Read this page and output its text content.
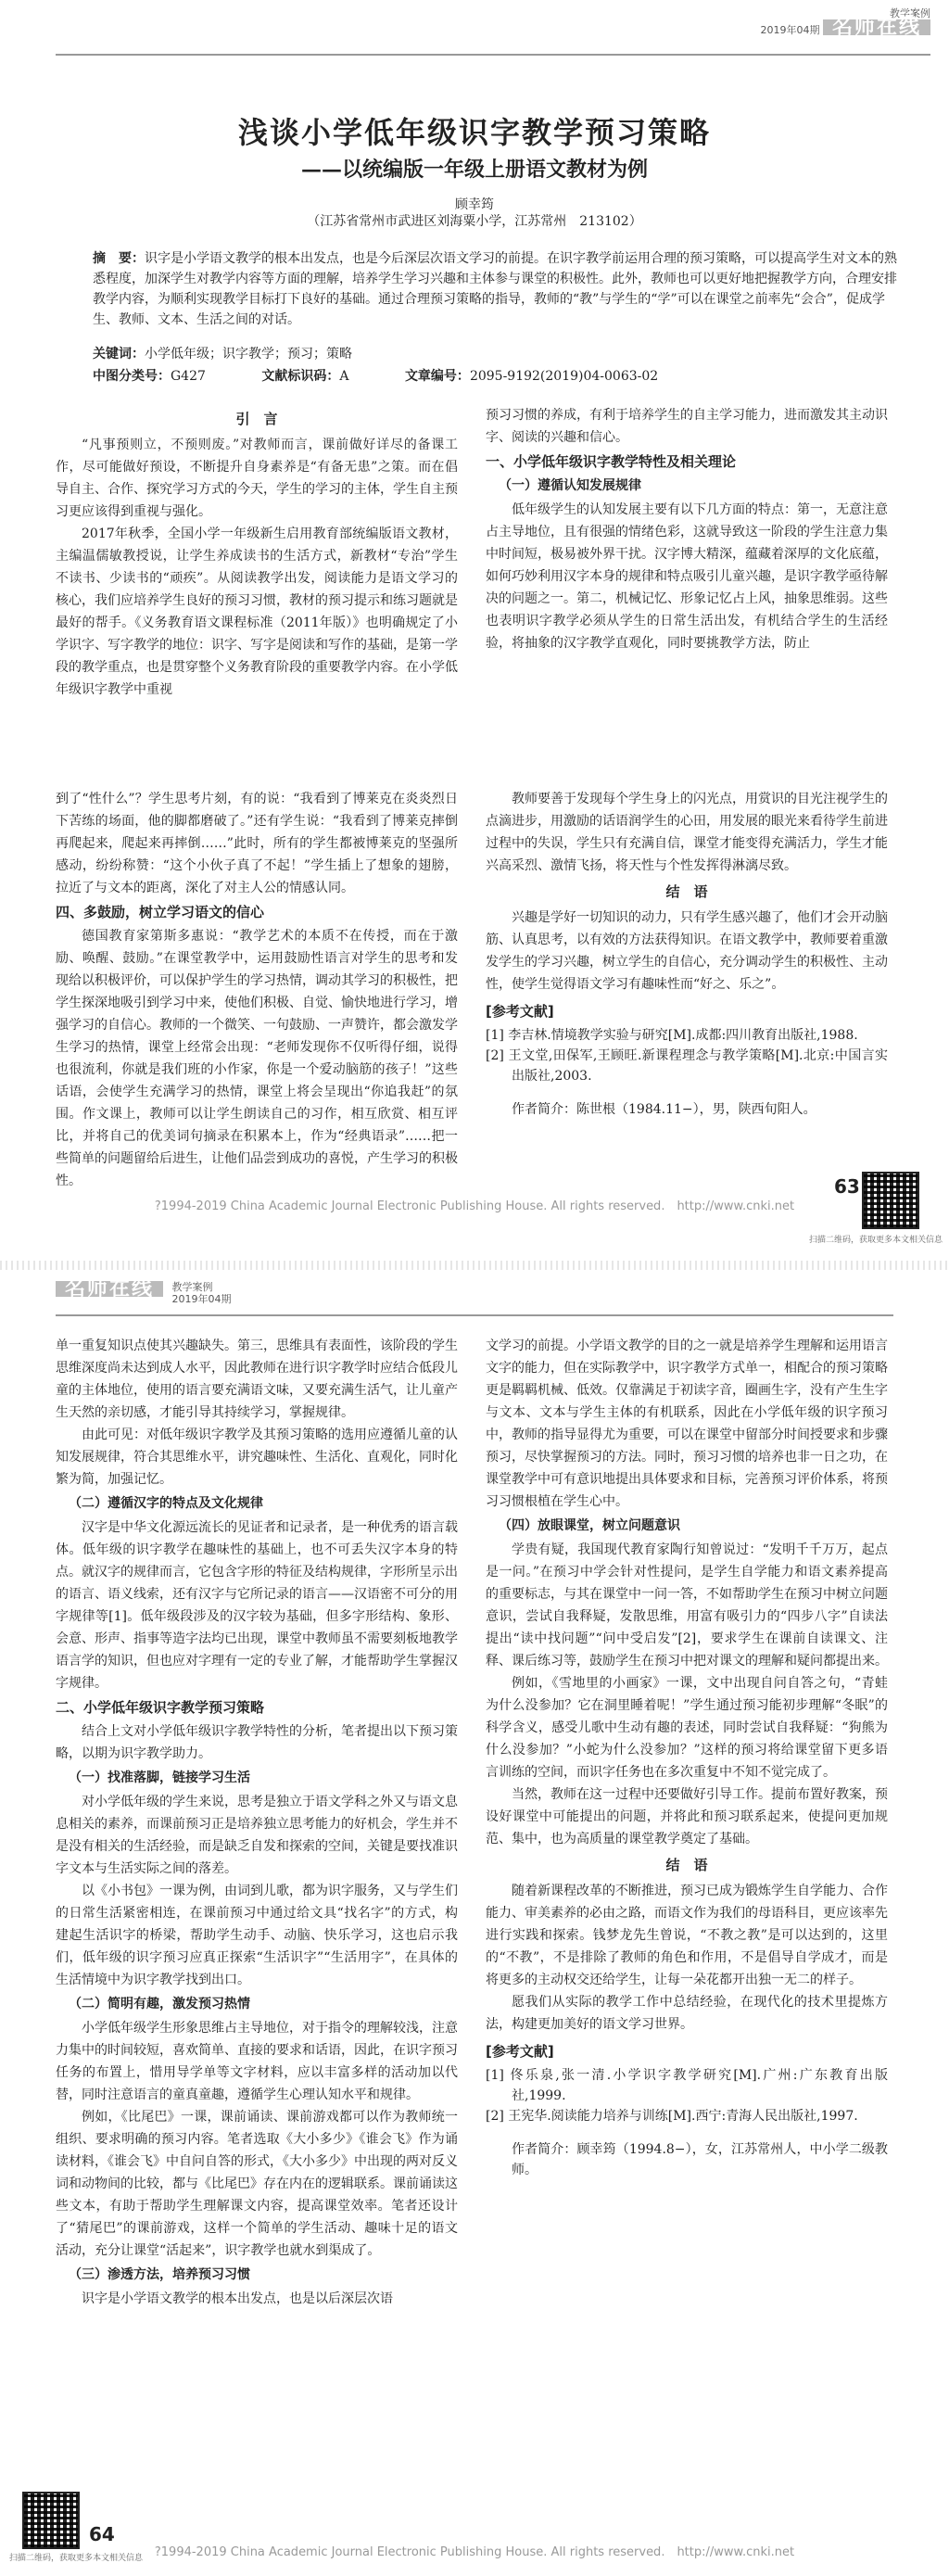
教学案例
2019年04期 名师在线
浅谈小学低年级识字教学预习策略
——以统编版一年级上册语文教材为例
顾幸筠
（江苏省常州市武进区刘海粟小学，江苏常州　213102）
摘　要：识字是小学语文教学的根本出发点，也是今后深层次语文学习的前提。在识字教学前运用合理的预习策略，可以提高学生对文本的熟悉程度，加深学生对教学内容等方面的理解，培养学生学习兴趣和主体参与课堂的积极性。此外，教师也可以更好地把握教学方向，合理安排教学内容，为顺利实现教学目标打下良好的基础。通过合理预习策略的指导，教师的“教”与学生的“学”可以在课堂之前率先“会合”，促成学生、教师、文本、生活之间的对话。
关键词：小学低年级；识字教学；预习；策略
中图分类号：G427	文献标识码：A	文章编号：2095-9192(2019)04-0063-02
引　言

“凡事预则立，不预则废。”对教师而言，课前做好详尽的备课工作，尽可能做好预设，不断提升自身素养是“有备无患”之策。而在倡导自主、合作、探究学习方式的今天，学生的学习的主体，学生自主预习更应该得到重视与强化。

2017年秋季，全国小学一年级新生启用教育部统编版语文教材，主编温儒敏教授说，让学生养成读书的生活方式，新教材“专治”学生不读书、少读书的“顽疾”。从阅读教学出发，阅读能力是语文学习的核心，我们应培养学生良好的预习习惯，教材的预习提示和练习题就是最好的帮手。《义务教育语文课程标准（2011年版）》也明确规定了小学识字、写字教学的地位：识字、写字是阅读和写作的基础，是第一学段的教学重点，也是贯穿整个义务教育阶段的重要教学内容。在小学低年级识字教学中重视

预习习惯的养成，有利于培养学生的自主学习能力，进而激发其主动识字、阅读的兴趣和信心。

一、小学低年级识字教学特性及相关理论
（一）遵循认知发展规律

低年级学生的认知发展主要有以下几方面的特点：第一，无意注意占主导地位，且有很强的情绪色彩，这就导致这一阶段的学生注意力集中时间短，极易被外界干扰。汉字博大精深，蕴藏着深厚的文化底蕴，如何巧妙利用汉字本身的规律和特点吸引儿童兴趣，是识字教学亟待解决的问题之一。第二，机械记忆、形象记忆占上风，抽象思维弱。这些也表明识字教学必须从学生的日常生活出发，有机结合学生的生活经验，将抽象的汉字教学直观化，同时要挑教学方法，防止

到了“性什么”？学生思考片刻，有的说：“我看到了博莱克在炎炎烈日下苦练的场面，他的脚都磨破了。”还有学生说：“我看到了博莱克摔倒再爬起来，爬起来再摔倒……”此时，所有的学生都被博莱克的坚强所感动，纷纷称赞：“这个小伙子真了不起！”学生插上了想象的翅膀，拉近了与文本的距离，深化了对主人公的情感认同。

四、多鼓励，树立学习语文的信心

德国教育家第斯多惠说：“教学艺术的本质不在传授，而在于激励、唤醒、鼓励。”在课堂教学中，运用鼓励性语言对学生的思考和发现给以积极评价，可以保护学生的学习热情，调动其学习的积极性，把学生探深地吸引到学习中来，使他们积极、自觉、愉快地进行学习，增强学习的自信心。教师的一个微笑、一句鼓励、一声赞许，都会激发学生学习的热情，课堂上经常会出现：“老师发现你不仅听得仔细，说得也很流利，你就是我们班的小作家，你是一个爱动脑筋的孩子！”这些话语，会使学生充满学习的热情，课堂上将会呈现出“你追我赶”的氛围。作文课上，教师可以让学生朗读自己的习作，相互欣赏、相互评比，并将自己的优美词句摘录在积累本上，作为“经典语录”……把一些简单的问题留给后进生，让他们品尝到成功的喜悦，产生学习的积极性。

教师要善于发现每个学生身上的闪光点，用赏识的目光注视学生的点滴进步，用激励的话语润学生的心田，用发展的眼光来看待学生前进过程中的失误，学生只有充满自信，课堂才能变得充满活力，学生才能兴高采烈、激情飞扬，将天性与个性发挥得淋漓尽致。

结　语

兴趣是学好一切知识的动力，只有学生感兴趣了，他们才会开动脑筋、认真思考，以有效的方法获得知识。在语文教学中，教师要着重激发学生的学习兴趣，树立学生的自信心，充分调动学生的积极性、主动性，使学生觉得语文学习有趣味性而“好之、乐之”。

[参考文献]
[1] 李吉林.情境教学实验与研究[M].成都:四川教育出版社,1988.
[2] 王文堂,田保军,王顾旺.新课程理念与教学策略[M].北京:中国言实出版社,2003.
作者简介：陈世根（1984.11−），男，陕西旬阳人。
?1994-2019 China Academic Journal Electronic Publishing House. All rights reserved.　http://www.cnki.net
63
扫描二维码，获取更多本文相关信息
名师在线 教学案例
2019年04期

单一重复知识点使其兴趣缺失。第三，思维具有表面性，该阶段的学生思维深度尚未达到成人水平，因此教师在进行识字教学时应结合低段儿童的主体地位，使用的语言要充满语文味，又要充满生活气，让儿童产生天然的亲切感，才能引导其持续学习，掌握规律。

由此可见：对低年级识字教学及其预习策略的选用应遵循儿童的认知发展规律，符合其思维水平，讲究趣味性、生活化、直观化，同时化繁为简，加强记忆。

（二）遵循汉字的特点及文化规律

汉字是中华文化源远流长的见证者和记录者，是一种优秀的语言载体。低年级的识字教学在趣味性的基础上，也不可丢失汉字本身的特点。就汉字的规律而言，它包含字形的特征及结构规律，字形所呈示出的语言、语义线索，还有汉字与它所记录的语言——汉语密不可分的用字规律等[1]。低年级段涉及的汉字较为基础，但多字形结构、象形、会意、形声、指事等造字法均已出现，课堂中教师虽不需要刻板地教学语言学的知识，但也应对字理有一定的专业了解，才能帮助学生掌握汉字规律。

二、小学低年级识字教学预习策略

结合上文对小学低年级识字教学特性的分析，笔者提出以下预习策略，以期为识字教学助力。

（一）找准落脚，链接学习生活

对小学低年级的学生来说，思考是独立于语文学科之外又与语文息息相关的素养，而课前预习正是培养独立思考能力的好机会，学生并不是没有相关的生活经验，而是缺乏自发和探索的空间，关键是要找准识字文本与生活实际之间的落差。

以《小书包》一课为例，由词到儿歌，都为识字服务，又与学生们的日常生活紧密相连，在课前预习中通过给文具“找名字”的方式，构建起生活识字的桥梁，帮助学生动手、动脑、快乐学习，这也启示我们，低年级的识字预习应真正探索“生活识字”“生活用字”，在具体的生活情境中为识字教学找到出口。

（二）简明有趣，激发预习热情

小学低年级学生形象思维占主导地位，对于指令的理解较浅，注意力集中的时间较短，喜欢简单、直接的要求和话语，因此，在识字预习任务的布置上，惜用导学单等文字材料，应以丰富多样的活动加以代替，同时注意语言的童真童趣，遵循学生心理认知水平和规律。

例如，《比尾巴》一课，课前诵读、课前游戏都可以作为教师统一组织、要求明确的预习内容。笔者选取《大小多少》《谁会飞》作为诵读材料，《谁会飞》中自问自答的形式，《大小多少》中出现的两对反义词和动物间的比较，都与《比尾巴》存在内在的逻辑联系。课前诵读这些文本，有助于帮助学生理解课文内容，提高课堂效率。笔者还设计了“猜尾巴”的课前游戏，这样一个简单的学生活动、趣味十足的语文活动，充分让课堂“活起来”，识字教学也就水到渠成了。

（三）渗透方法，培养预习习惯

识字是小学语文教学的根本出发点，也是以后深层次语

文学习的前提。小学语文教学的目的之一就是培养学生理解和运用语言文字的能力，但在实际教学中，识字教学方式单一，相配合的预习策略更是羁羁机械、低效。仅靠满足于初读字音，圈画生字，没有产生生字与文本、文本与学生主体的有机联系，因此在小学低年级的识字预习中，教师的指导显得尤为重要，可以在课堂中留部分时间授要求和步骤预习，尽快掌握预习的方法。同时，预习习惯的培养也非一日之功，在课堂教学中可有意识地提出具体要求和目标，完善预习评价体系，将预习习惯根植在学生心中。

（四）放眼课堂，树立问题意识

学贵有疑，我国现代教育家陶行知曾说过：“发明千千万万，起点是一问。”在预习中学会针对性提问，是学生自学能力和语文素养提高的重要标志，与其在课堂中一问一答，不如帮助学生在预习中树立问题意识，尝试自我释疑，发散思维，用富有吸引力的“四步八字”自读法提出“读中找问题”“问中受启发”[2]，要求学生在课前自读课文、注释、课后练习等，鼓励学生在预习中把对课文的理解和疑问都提出来。

例如，《雪地里的小画家》一课，文中出现自问自答之句，“青蛙为什么没参加？它在洞里睡着呢！”学生通过预习能初步理解“冬眠”的科学含义，感受儿歌中生动有趣的表述，同时尝试自我释疑：“狗熊为什么没参加？”小蛇为什么没参加？”这样的预习将给课堂留下更多语言训练的空间，而识字任务也在多次重复中不知不觉完成了。

当然，教师在这一过程中还要做好引导工作。提前布置好教案，预设好课堂中可能提出的问题，并将此和预习联系起来，使提问更加规范、集中，也为高质量的课堂教学奠定了基础。

结　语

随着新课程改革的不断推进，预习已成为锻炼学生自学能力、合作能力、审美素养的必由之路，而语文作为我们的母语科目，更应该率先进行实践和探索。钱梦龙先生曾说，“不教之教”是可以达到的，这里的“不教”，不是排除了教师的角色和作用，不是倡导自学成才，而是将更多的主动权交还给学生，让每一朵花都开出独一无二的样子。

愿我们从实际的教学工作中总结经验，在现代化的技术里提炼方法，构建更加美好的语文学习世界。

[参考文献]
[1] 佟乐泉,张一清.小学识字教学研究[M].广州:广东教育出版社,1999.
[2] 王宪华.阅读能力培养与训练[M].西宁:青海人民出版社,1997.
作者简介：顾幸筠（1994.8−），女，江苏常州人，中小学二级教师。
扫描二维码，获取更多本文相关信息
64
?1994-2019 China Academic Journal Electronic Publishing House. All rights reserved.　http://www.cnki.net
